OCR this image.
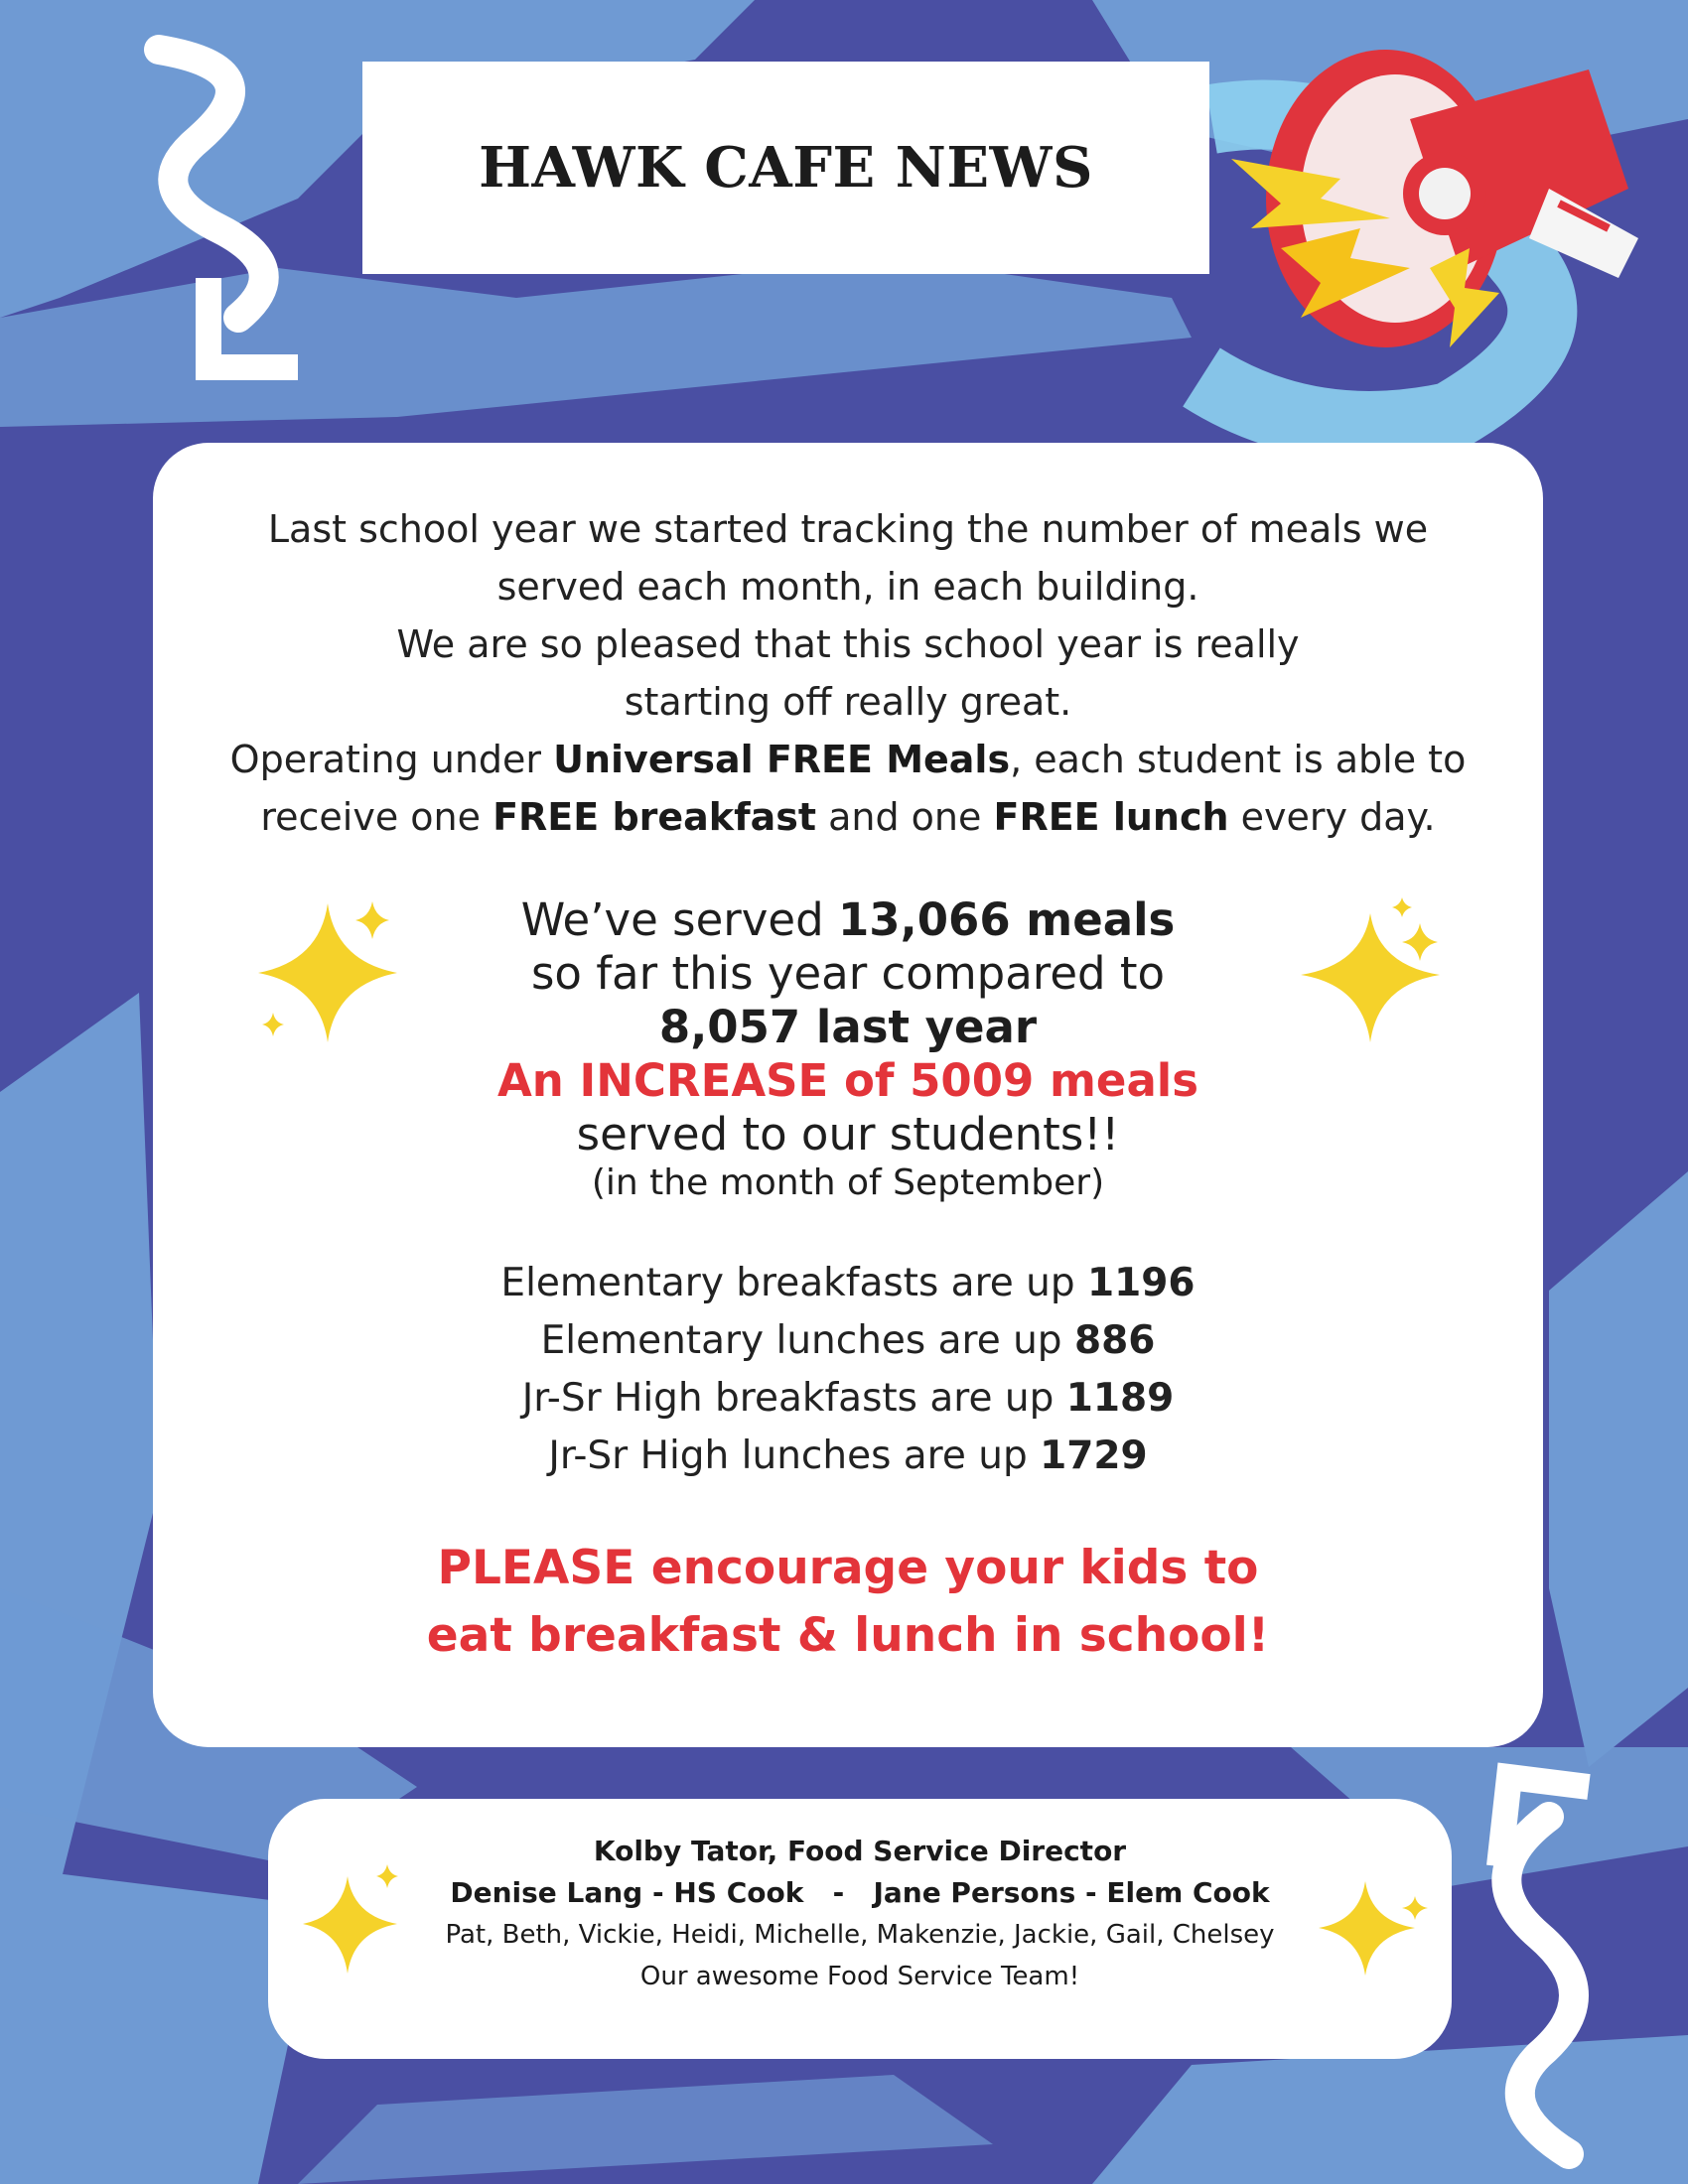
HAWK CAFE NEWS

Last school year we started tracking the number of meals we

served each month, in each building.

We are so pleased that this school year is really

starting off really great.

Operating under Universal FREE Meals, each student is able to

receive one FREE breakfast and one FREE lunch every day.

We’ve served 13,066 meals

so far this year compared to

8,057 last year

An INCREASE of 5009 meals

served to our students!!

(in the month of September)

Elementary breakfasts are up 1196

Elementary lunches are up 886

Jr-Sr High breakfasts are up 1189

Jr-Sr High lunches are up 1729

PLEASE encourage your kids to

eat breakfast & lunch in school!

Kolby Tator, Food Service Director

Denise Lang - HS Cook   -   Jane Persons - Elem Cook

Pat, Beth, Vickie, Heidi, Michelle, Makenzie, Jackie, Gail, Chelsey

Our awesome Food Service Team!
